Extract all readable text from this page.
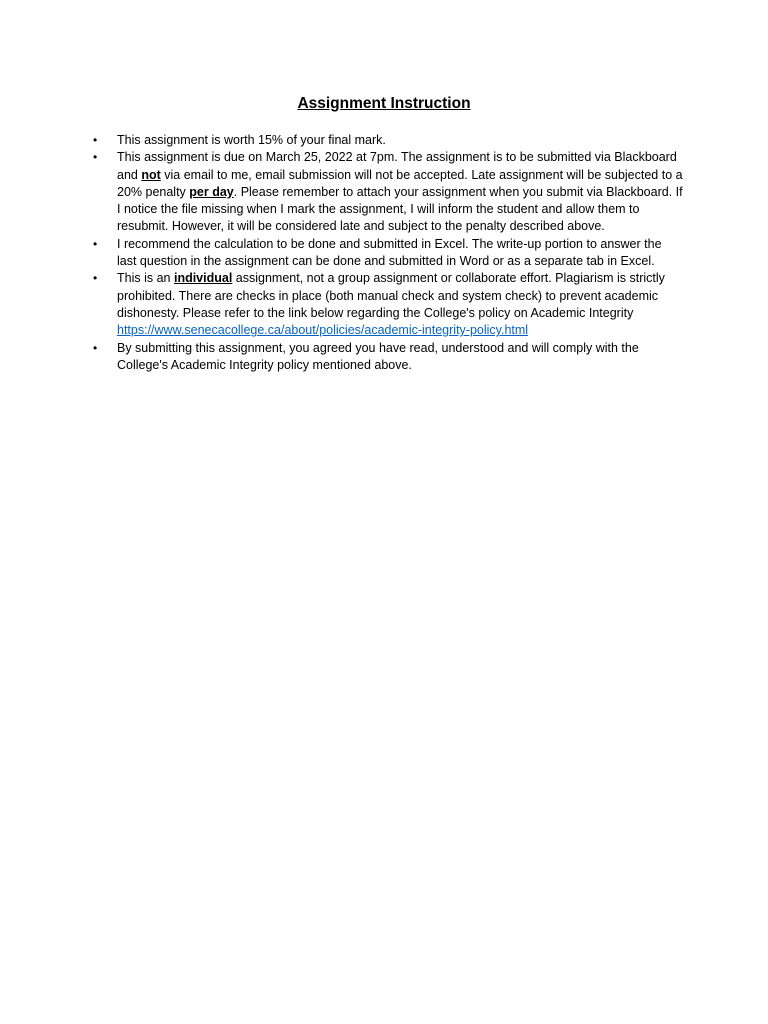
Assignment Instruction
• This assignment is worth 15% of your final mark.
• This assignment is due on March 25, 2022 at 7pm. The assignment is to be submitted via Blackboard and not via email to me, email submission will not be accepted. Late assignment will be subjected to a 20% penalty per day. Please remember to attach your assignment when you submit via Blackboard. If I notice the file missing when I mark the assignment, I will inform the student and allow them to resubmit. However, it will be considered late and subject to the penalty described above.
• I recommend the calculation to be done and submitted in Excel. The write-up portion to answer the last question in the assignment can be done and submitted in Word or as a separate tab in Excel.
• This is an individual assignment, not a group assignment or collaborate effort. Plagiarism is strictly prohibited. There are checks in place (both manual check and system check) to prevent academic dishonesty. Please refer to the link below regarding the College's policy on Academic Integrity
https://www.senecacollege.ca/about/policies/academic-integrity-policy.html
• By submitting this assignment, you agreed you have read, understood and will comply with the College's Academic Integrity policy mentioned above.
